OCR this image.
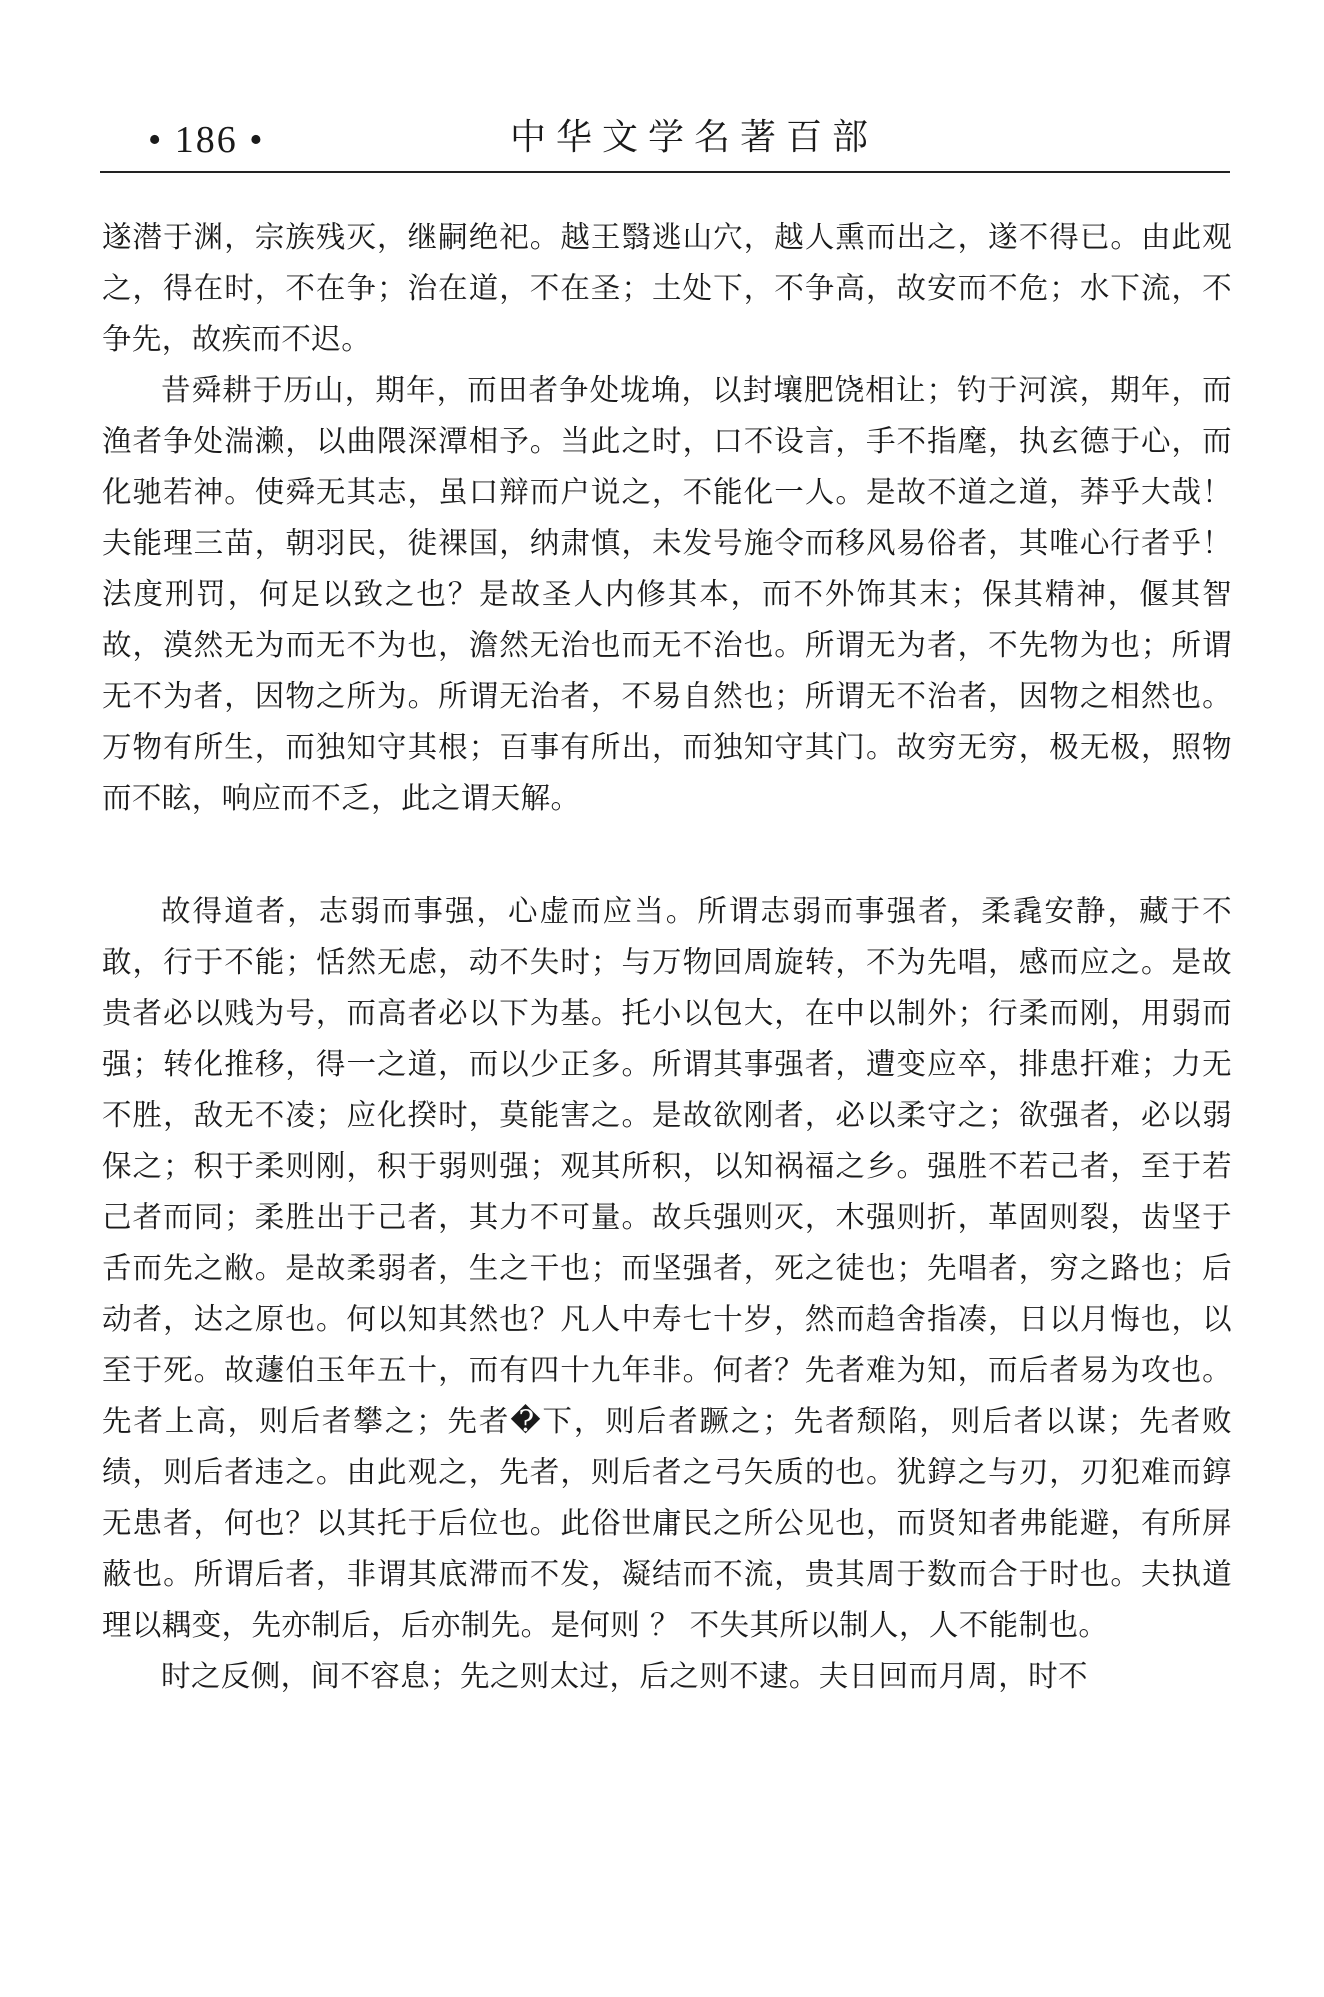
• 186 •	中华文学名著百部

遂潜于渊，宗族残灭，继嗣绝祀。越王翳逃山穴，越人熏而出之，遂不得已。由此观之，得在时，不在争；治在道，不在圣；土处下，不争高，故安而不危；水下流，不争先，故疾而不迟。

昔舜耕于历山，期年，而田者争处垅埆，以封壤肥饶相让；钓于河滨，期年，而渔者争处湍濑，以曲隈深潭相予。当此之时，口不设言，手不指麾，执玄德于心，而化驰若神。使舜无其志，虽口辩而户说之，不能化一人。是故不道之道，莽乎大哉！夫能理三苗，朝羽民，徙裸国，纳肃慎，未发号施令而移风易俗者，其唯心行者乎！法度刑罚，何足以致之也？是故圣人内修其本，而不外饰其末；保其精神，偃其智故，漠然无为而无不为也，澹然无治也而无不治也。所谓无为者，不先物为也；所谓无不为者，因物之所为。所谓无治者，不易自然也；所谓无不治者，因物之相然也。万物有所生，而独知守其根；百事有所出，而独知守其门。故穷无穷，极无极，照物而不眩，响应而不乏，此之谓天解。

故得道者，志弱而事强，心虚而应当。所谓志弱而事强者，柔毳安静，藏于不敢，行于不能；恬然无虑，动不失时；与万物回周旋转，不为先唱，感而应之。是故贵者必以贱为号，而高者必以下为基。托小以包大，在中以制外；行柔而刚，用弱而强；转化推移，得一之道，而以少正多。所谓其事强者，遭变应卒，排患扞难；力无不胜，敌无不凌；应化揆时，莫能害之。是故欲刚者，必以柔守之；欲强者，必以弱保之；积于柔则刚，积于弱则强；观其所积，以知祸福之乡。强胜不若己者，至于若己者而同；柔胜出于己者，其力不可量。故兵强则灭，木强则折，革固则裂，齿坚于舌而先之敝。是故柔弱者，生之干也；而坚强者，死之徒也；先唱者，穷之路也；后动者，达之原也。何以知其然也？凡人中寿七十岁，然而趋舍指凑，日以月悔也，以至于死。故蘧伯玉年五十，而有四十九年非。何者？先者难为知，而后者易为攻也。先者上高，则后者攀之；先者�下，则后者蹶之；先者颓陷，则后者以谋；先者败绩，则后者违之。由此观之，先者，则后者之弓矢质的也。犹錞之与刃，刃犯难而錞无患者，何也？以其托于后位也。此俗世庸民之所公见也，而贤知者弗能避，有所屏蔽也。所谓后者，非谓其底滞而不发，凝结而不流，贵其周于数而合于时也。夫执道理以耦变，先亦制后，后亦制先。是何则 ？ 不失其所以制人，人不能制也。

时之反侧，间不容息；先之则太过，后之则不逮。夫日回而月周，时不
